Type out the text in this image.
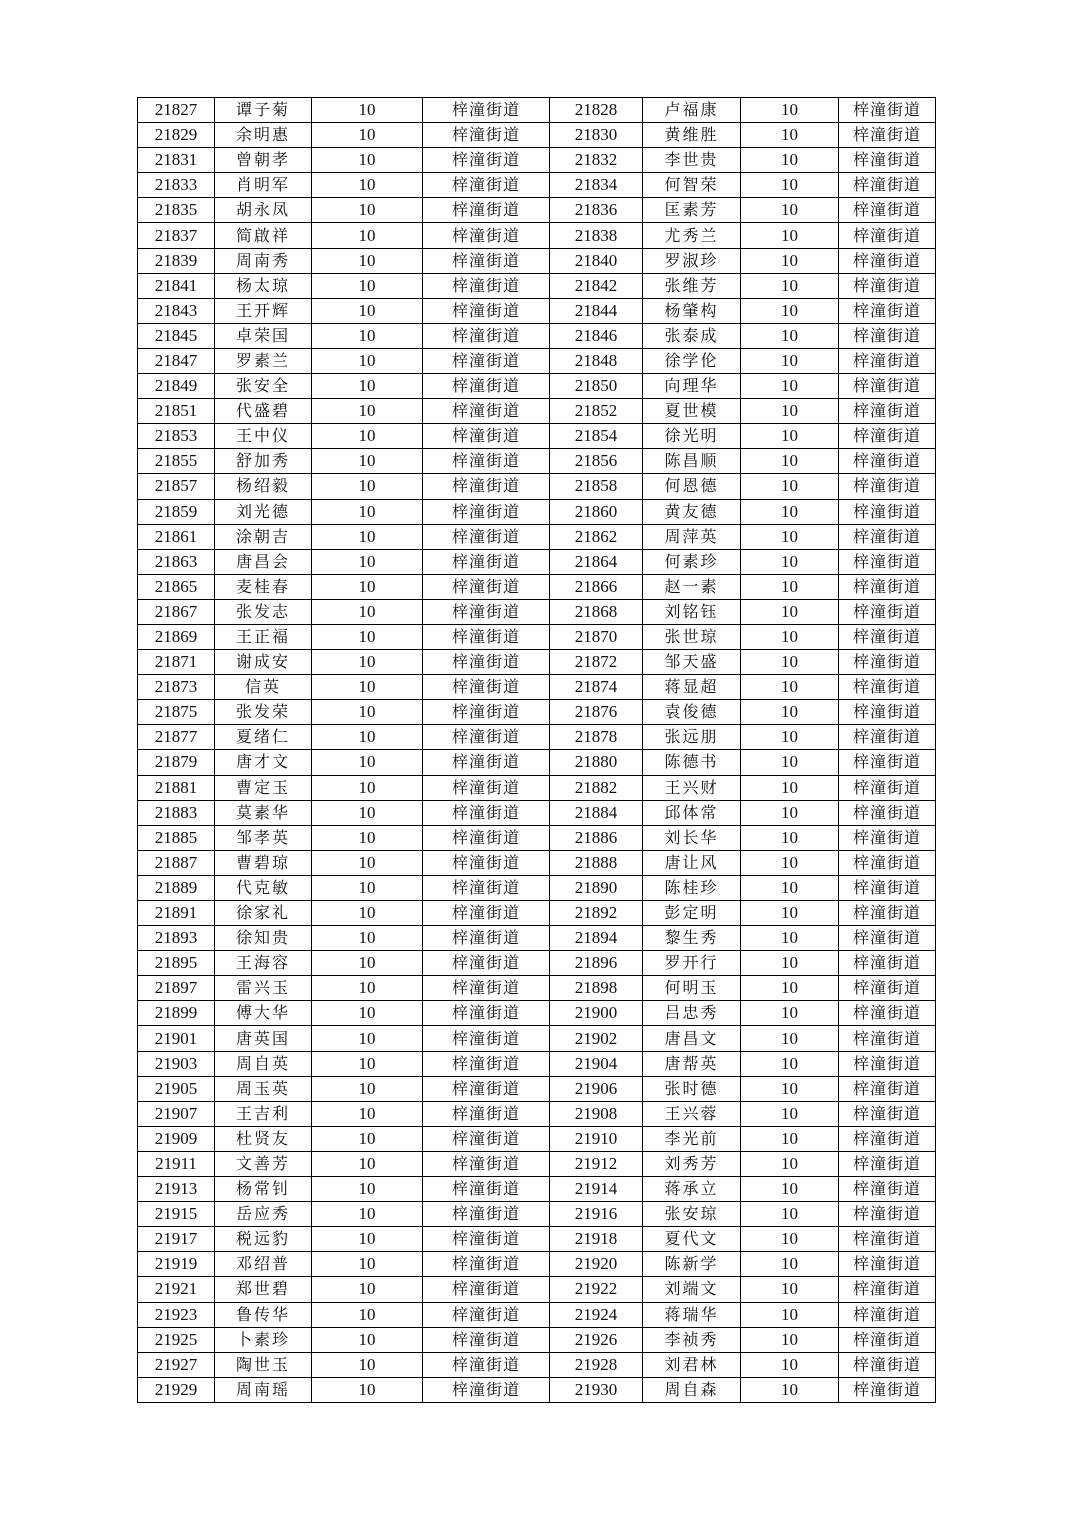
21827	谭子菊	10	梓潼街道	21828	卢福康	10	梓潼街道
21829	余明惠	10	梓潼街道	21830	黄维胜	10	梓潼街道
21831	曾朝孝	10	梓潼街道	21832	李世贵	10	梓潼街道
21833	肖明军	10	梓潼街道	21834	何智荣	10	梓潼街道
21835	胡永凤	10	梓潼街道	21836	匡素芳	10	梓潼街道
21837	简啟祥	10	梓潼街道	21838	尤秀兰	10	梓潼街道
21839	周南秀	10	梓潼街道	21840	罗淑珍	10	梓潼街道
21841	杨太琼	10	梓潼街道	21842	张维芳	10	梓潼街道
21843	王开辉	10	梓潼街道	21844	杨肇构	10	梓潼街道
21845	卓荣国	10	梓潼街道	21846	张泰成	10	梓潼街道
21847	罗素兰	10	梓潼街道	21848	徐学伦	10	梓潼街道
21849	张安全	10	梓潼街道	21850	向理华	10	梓潼街道
21851	代盛碧	10	梓潼街道	21852	夏世模	10	梓潼街道
21853	王中仪	10	梓潼街道	21854	徐光明	10	梓潼街道
21855	舒加秀	10	梓潼街道	21856	陈昌顺	10	梓潼街道
21857	杨绍毅	10	梓潼街道	21858	何恩德	10	梓潼街道
21859	刘光德	10	梓潼街道	21860	黄友德	10	梓潼街道
21861	涂朝吉	10	梓潼街道	21862	周萍英	10	梓潼街道
21863	唐昌会	10	梓潼街道	21864	何素珍	10	梓潼街道
21865	麦桂春	10	梓潼街道	21866	赵一素	10	梓潼街道
21867	张发志	10	梓潼街道	21868	刘铭钰	10	梓潼街道
21869	王正福	10	梓潼街道	21870	张世琼	10	梓潼街道
21871	谢成安	10	梓潼街道	21872	邹天盛	10	梓潼街道
21873	信英	10	梓潼街道	21874	蒋显超	10	梓潼街道
21875	张发荣	10	梓潼街道	21876	袁俊德	10	梓潼街道
21877	夏绪仁	10	梓潼街道	21878	张远朋	10	梓潼街道
21879	唐才文	10	梓潼街道	21880	陈德书	10	梓潼街道
21881	曹定玉	10	梓潼街道	21882	王兴财	10	梓潼街道
21883	莫素华	10	梓潼街道	21884	邱体常	10	梓潼街道
21885	邹孝英	10	梓潼街道	21886	刘长华	10	梓潼街道
21887	曹碧琼	10	梓潼街道	21888	唐让风	10	梓潼街道
21889	代克敏	10	梓潼街道	21890	陈桂珍	10	梓潼街道
21891	徐家礼	10	梓潼街道	21892	彭定明	10	梓潼街道
21893	徐知贵	10	梓潼街道	21894	黎生秀	10	梓潼街道
21895	王海容	10	梓潼街道	21896	罗开行	10	梓潼街道
21897	雷兴玉	10	梓潼街道	21898	何明玉	10	梓潼街道
21899	傅大华	10	梓潼街道	21900	吕忠秀	10	梓潼街道
21901	唐英国	10	梓潼街道	21902	唐昌文	10	梓潼街道
21903	周自英	10	梓潼街道	21904	唐帮英	10	梓潼街道
21905	周玉英	10	梓潼街道	21906	张时德	10	梓潼街道
21907	王吉利	10	梓潼街道	21908	王兴蓉	10	梓潼街道
21909	杜贤友	10	梓潼街道	21910	李光前	10	梓潼街道
21911	文善芳	10	梓潼街道	21912	刘秀芳	10	梓潼街道
21913	杨常钊	10	梓潼街道	21914	蒋承立	10	梓潼街道
21915	岳应秀	10	梓潼街道	21916	张安琼	10	梓潼街道
21917	税远豹	10	梓潼街道	21918	夏代文	10	梓潼街道
21919	邓绍普	10	梓潼街道	21920	陈新学	10	梓潼街道
21921	郑世碧	10	梓潼街道	21922	刘端文	10	梓潼街道
21923	鲁传华	10	梓潼街道	21924	蒋瑞华	10	梓潼街道
21925	卜素珍	10	梓潼街道	21926	李祯秀	10	梓潼街道
21927	陶世玉	10	梓潼街道	21928	刘君林	10	梓潼街道
21929	周南瑶	10	梓潼街道	21930	周自森	10	梓潼街道
